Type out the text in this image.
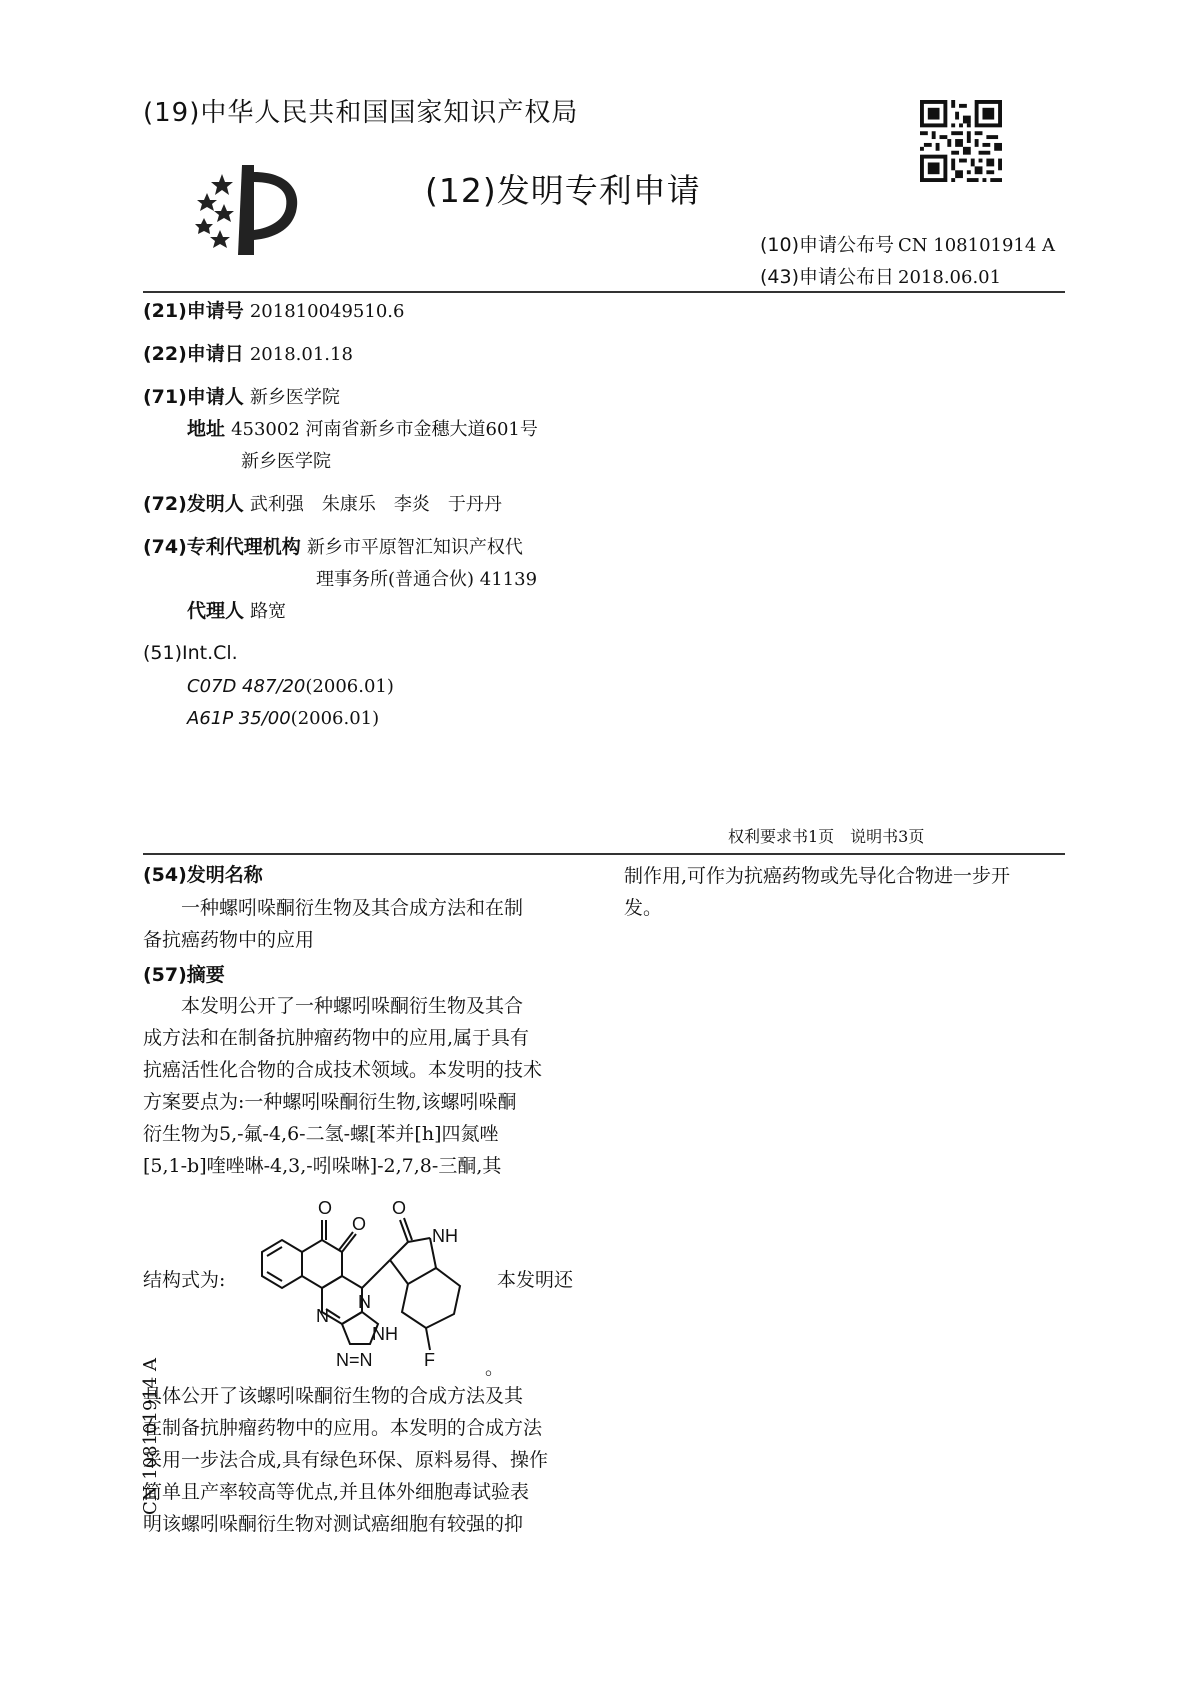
(19)中华人民共和国国家知识产权局
(12)发明专利申请
(10)申请公布号 CN 108101914 A
(43)申请公布日 2018.06.01
(21)申请号 201810049510.6
(22)申请日 2018.01.18
(71)申请人 新乡医学院
地址 453002 河南省新乡市金穗大道601号
新乡医学院
(72)发明人 武利强　朱康乐　李炎　于丹丹
(74)专利代理机构 新乡市平原智汇知识产权代
理事务所(普通合伙) 41139
代理人 路宽
(51)Int.Cl.
C07D 487/20(2006.01)
A61P 35/00(2006.01)
权利要求书1页　说明书3页
(54)发明名称
一种螺吲哚酮衍生物及其合成方法和在制
备抗癌药物中的应用
(57)摘要
本发明公开了一种螺吲哚酮衍生物及其合
成方法和在制备抗肿瘤药物中的应用,属于具有
抗癌活性化合物的合成技术领域。本发明的技术
方案要点为:一种螺吲哚酮衍生物,该螺吲哚酮
衍生物为5,-氟-4,6-二氢-螺[苯并[h]四氮唑
[5,1-b]喹唑啉-4,3,-吲哚啉]-2,7,8-三酮,其
结构式为:	本发明还
。
O
O
O
NH
N
N
NH
N=N	F
具体公开了该螺吲哚酮衍生物的合成方法及其
在制备抗肿瘤药物中的应用。本发明的合成方法
采用一步法合成,具有绿色环保、原料易得、操作
简单且产率较高等优点,并且体外细胞毒试验表
明该螺吲哚酮衍生物对测试癌细胞有较强的抑
制作用,可作为抗癌药物或先导化合物进一步开
发。
CN 108101914 A
